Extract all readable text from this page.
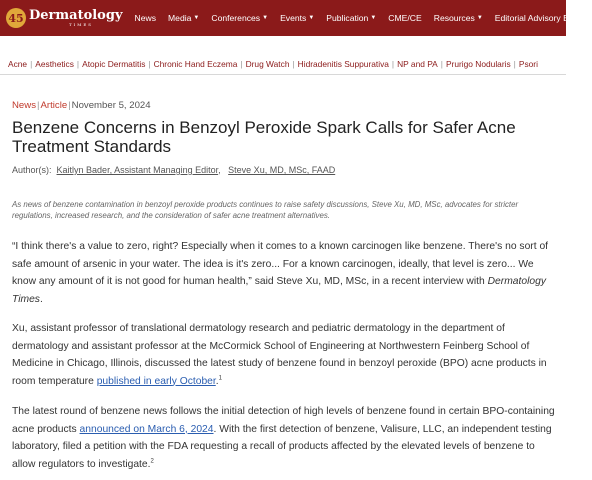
45 Dermatology
TIMES
News Media ▼ Conferences ▼ Events ▼ Publication ▼ CME/CE Resources ▼ Editorial Advisory Board
Acne | Aesthetics | Atopic Dermatitis | Chronic Hand Eczema | Drug Watch | Hidradenitis Suppurativa | NP and PA | Prurigo Nodularis | Psori
News|Article|November 5, 2024
Benzene Concerns in Benzoyl Peroxide Spark Calls for Safer Acne Treatment Standards
Author(s): Kaitlyn Bader, Assistant Managing Editor, Steve Xu, MD, MSc, FAAD

As news of benzene contamination in benzoyl peroxide products continues to raise safety discussions, Steve Xu, MD, MSc, advocates for stricter regulations, increased research, and the consideration of safer acne treatment alternatives.

“I think there's a value to zero, right? Especially when it comes to a known carcinogen like benzene. There's no sort of safe amount of arsenic in your water. The idea is it's zero... For a known carcinogen, ideally, that level is zero... We know any amount of it is not good for human health,” said Steve Xu, MD, MSc, in a recent interview with Dermatology Times.

Xu, assistant professor of translational dermatology research and pediatric dermatology in the department of dermatology and assistant professor at the McCormick School of Engineering at Northwestern Feinberg School of Medicine in Chicago, Illinois, discussed the latest study of benzene found in benzoyl peroxide (BPO) acne products in room temperature published in early October.$^1$

The latest round of benzene news follows the initial detection of high levels of benzene found in certain BPO-containing acne products announced on March 6, 2024. With the first detection of benzene, Valisure, LLC, an independent testing laboratory, filed a petition with the FDA requesting a recall of products affected by the elevated levels of benzene to allow regulators to investigate.$^2$
